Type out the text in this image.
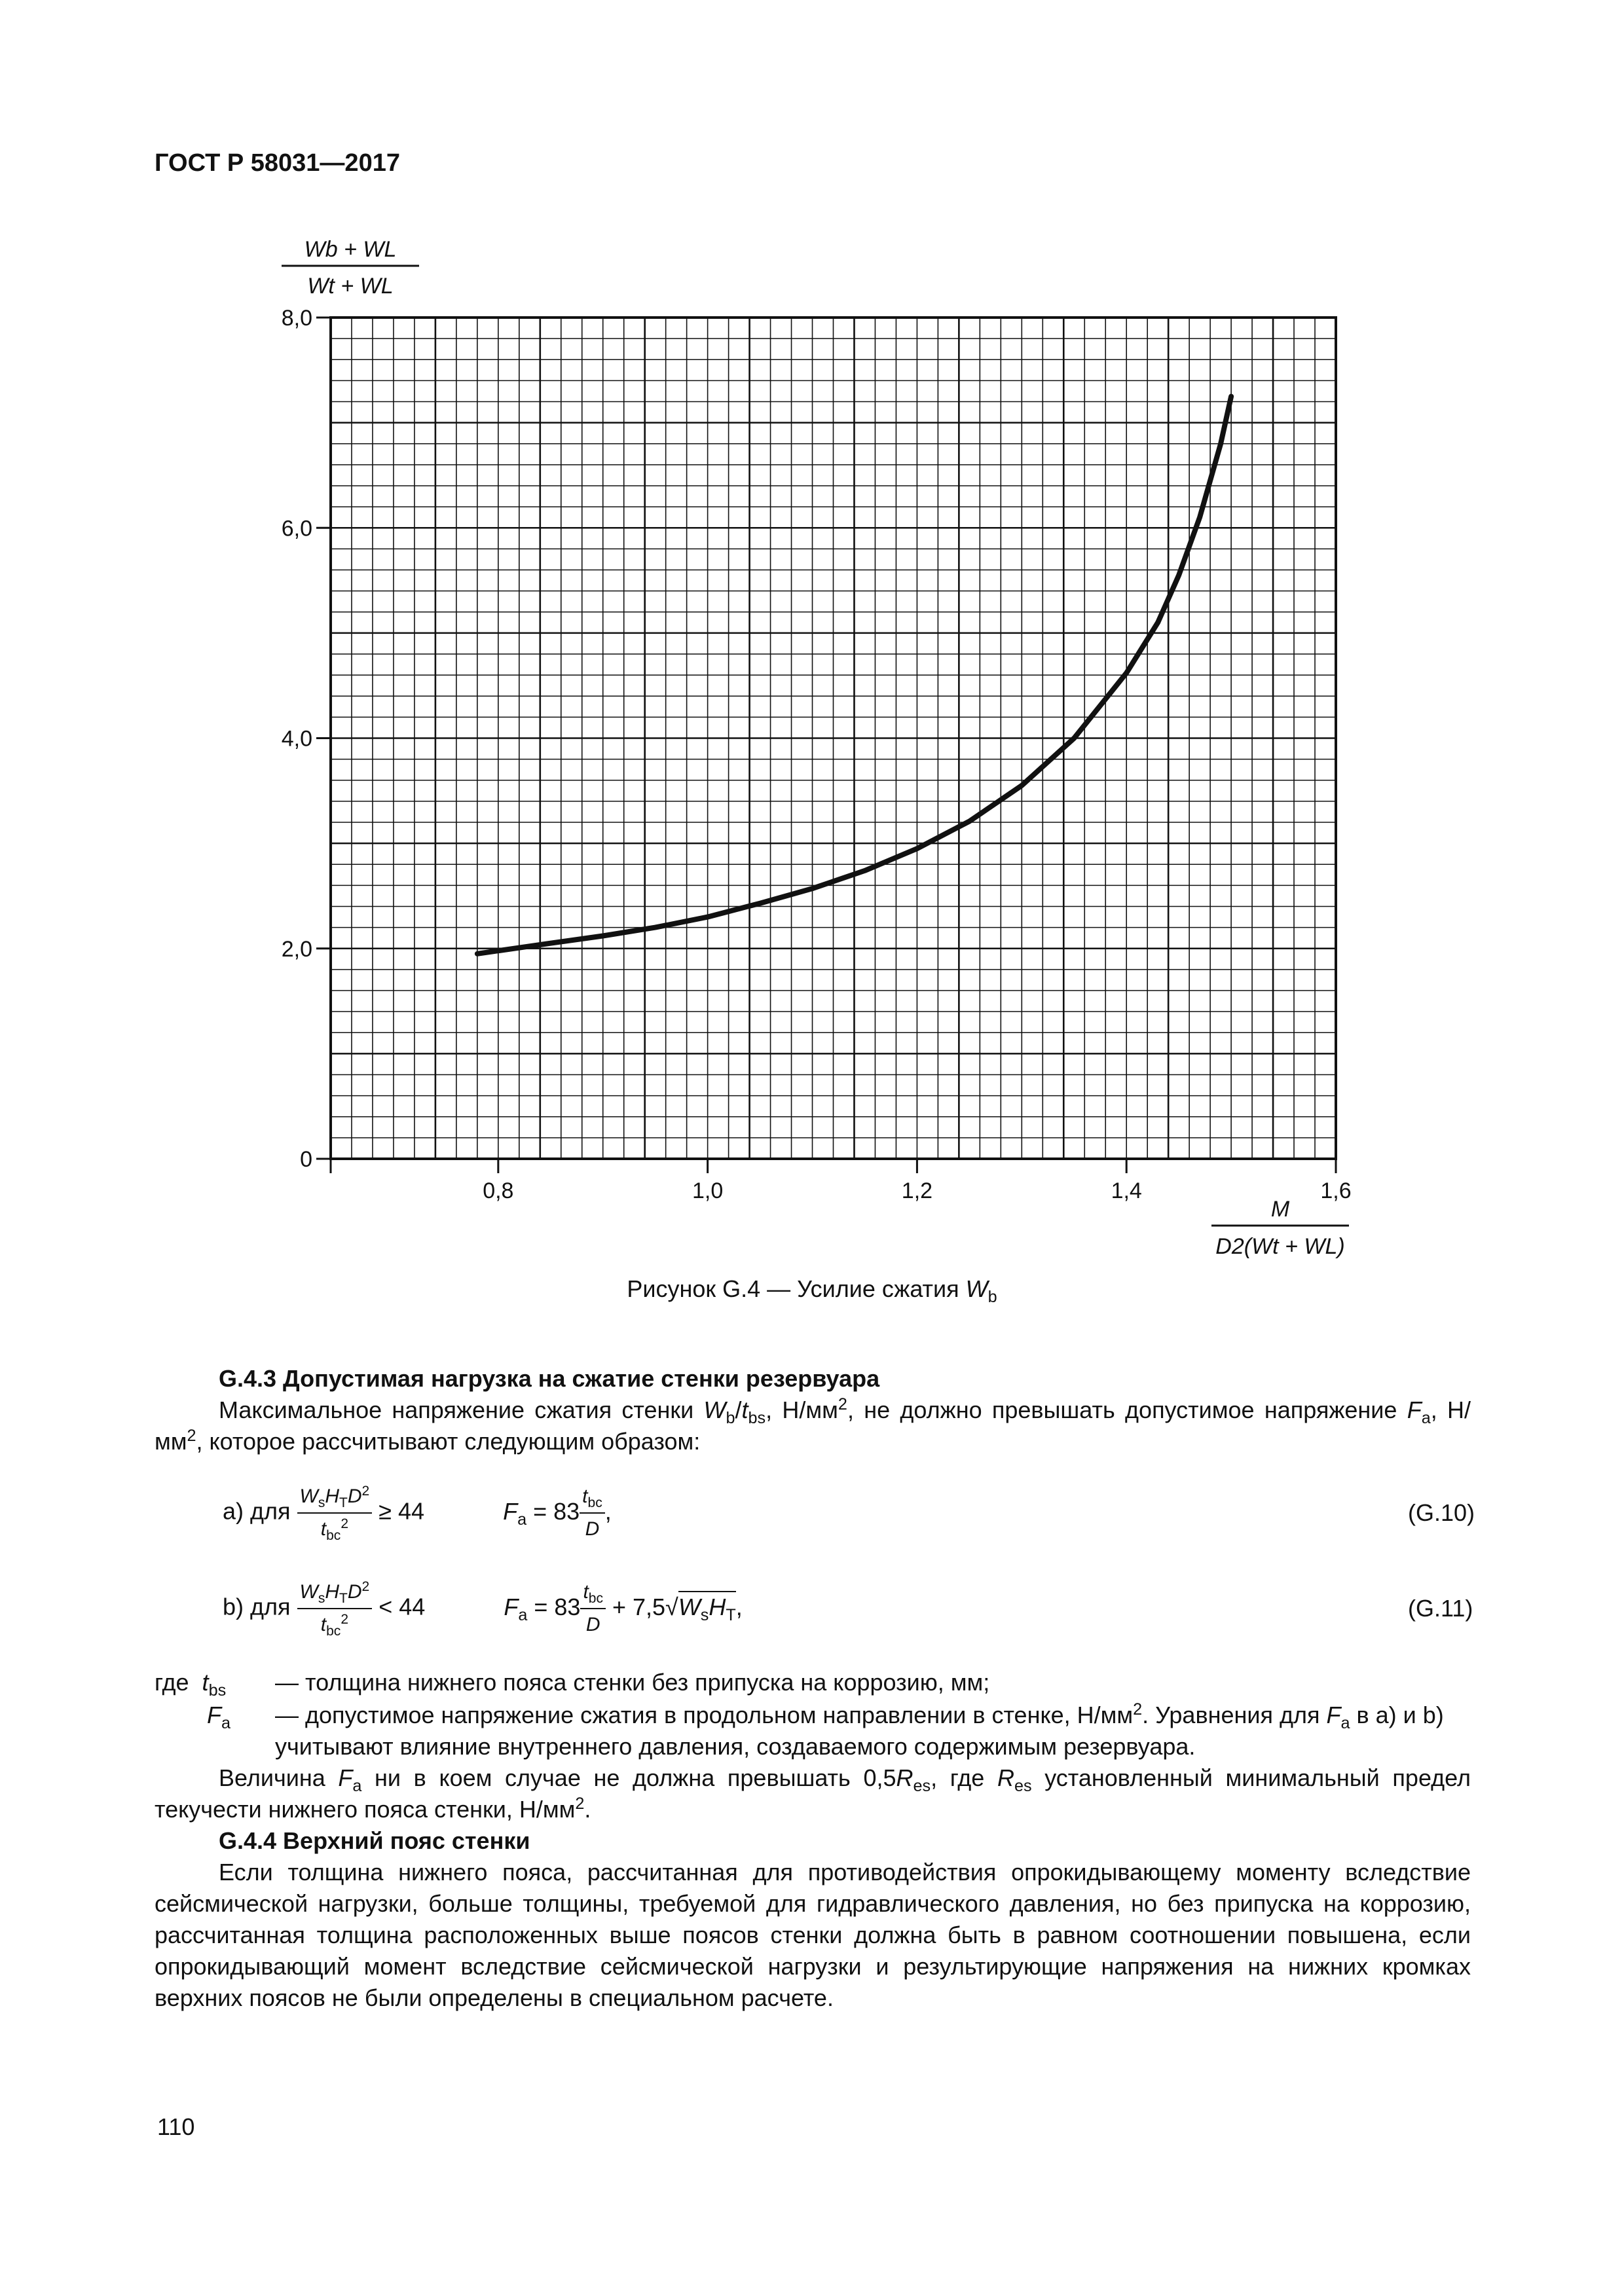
ГОСТ Р 58031—2017
0
2,0
4,0
6,0
8,0
0,8	1,0	1,2	1,4	1,6
Wb + WL
Wt + WL
M
D2(Wt + WL)
Рисунок G.4 — Усилие сжатия $W_b$
G.4.3 Допустимая нагрузка на сжатие стенки резервуара
Максимальное напряжение сжатия стенки $W_b/t_{bs}$, $Н/мм^2$, не должно превышать допустимое напряжение $F_a$, $Н/мм^2$, которое рассчитывают следующим образом:
а) для $\frac{W_sH_TD^2}{t_{bc}^2} \ge 44$	$F_a = 83 \frac{t_{bc}}{D}$ ,	(G.10)
b) для $\frac{W_sH_TD^2}{t_{bc}^2} < 44$	$F_a = 83 \frac{t_{bc}}{D} + 7,5√W_sH_T$,	(G.11)
где  $t_{bs}$ — толщина нижнего пояса стенки без припуска на коррозию, мм;
$F_a$ — допустимое напряжение сжатия в продольном направлении в стенке, $Н/мм^2$. Уравнения для $F_a$ в а) и b) учитывают влияние внутреннего давления, создаваемого содержимым резервуара.
Величина $F_a$ ни в коем случае не должна превышать $0,5R_{es}$, где $R_{es}$ установленный минимальный предел текучести нижнего пояса стенки, $Н/мм^2$.
G.4.4 Верхний пояс стенки
Если толщина нижнего пояса, рассчитанная для противодействия опрокидывающему моменту вследствие сейсмической нагрузки, больше толщины, требуемой для гидравлического давления, но без припуска на коррозию, рассчитанная толщина расположенных выше поясов стенки должна быть в равном соотношении повышена, если опрокидывающий момент вследствие сейсмической нагрузки и результирующие напряжения на нижних кромках верхних поясов не были определены в специальном расчете.
110
